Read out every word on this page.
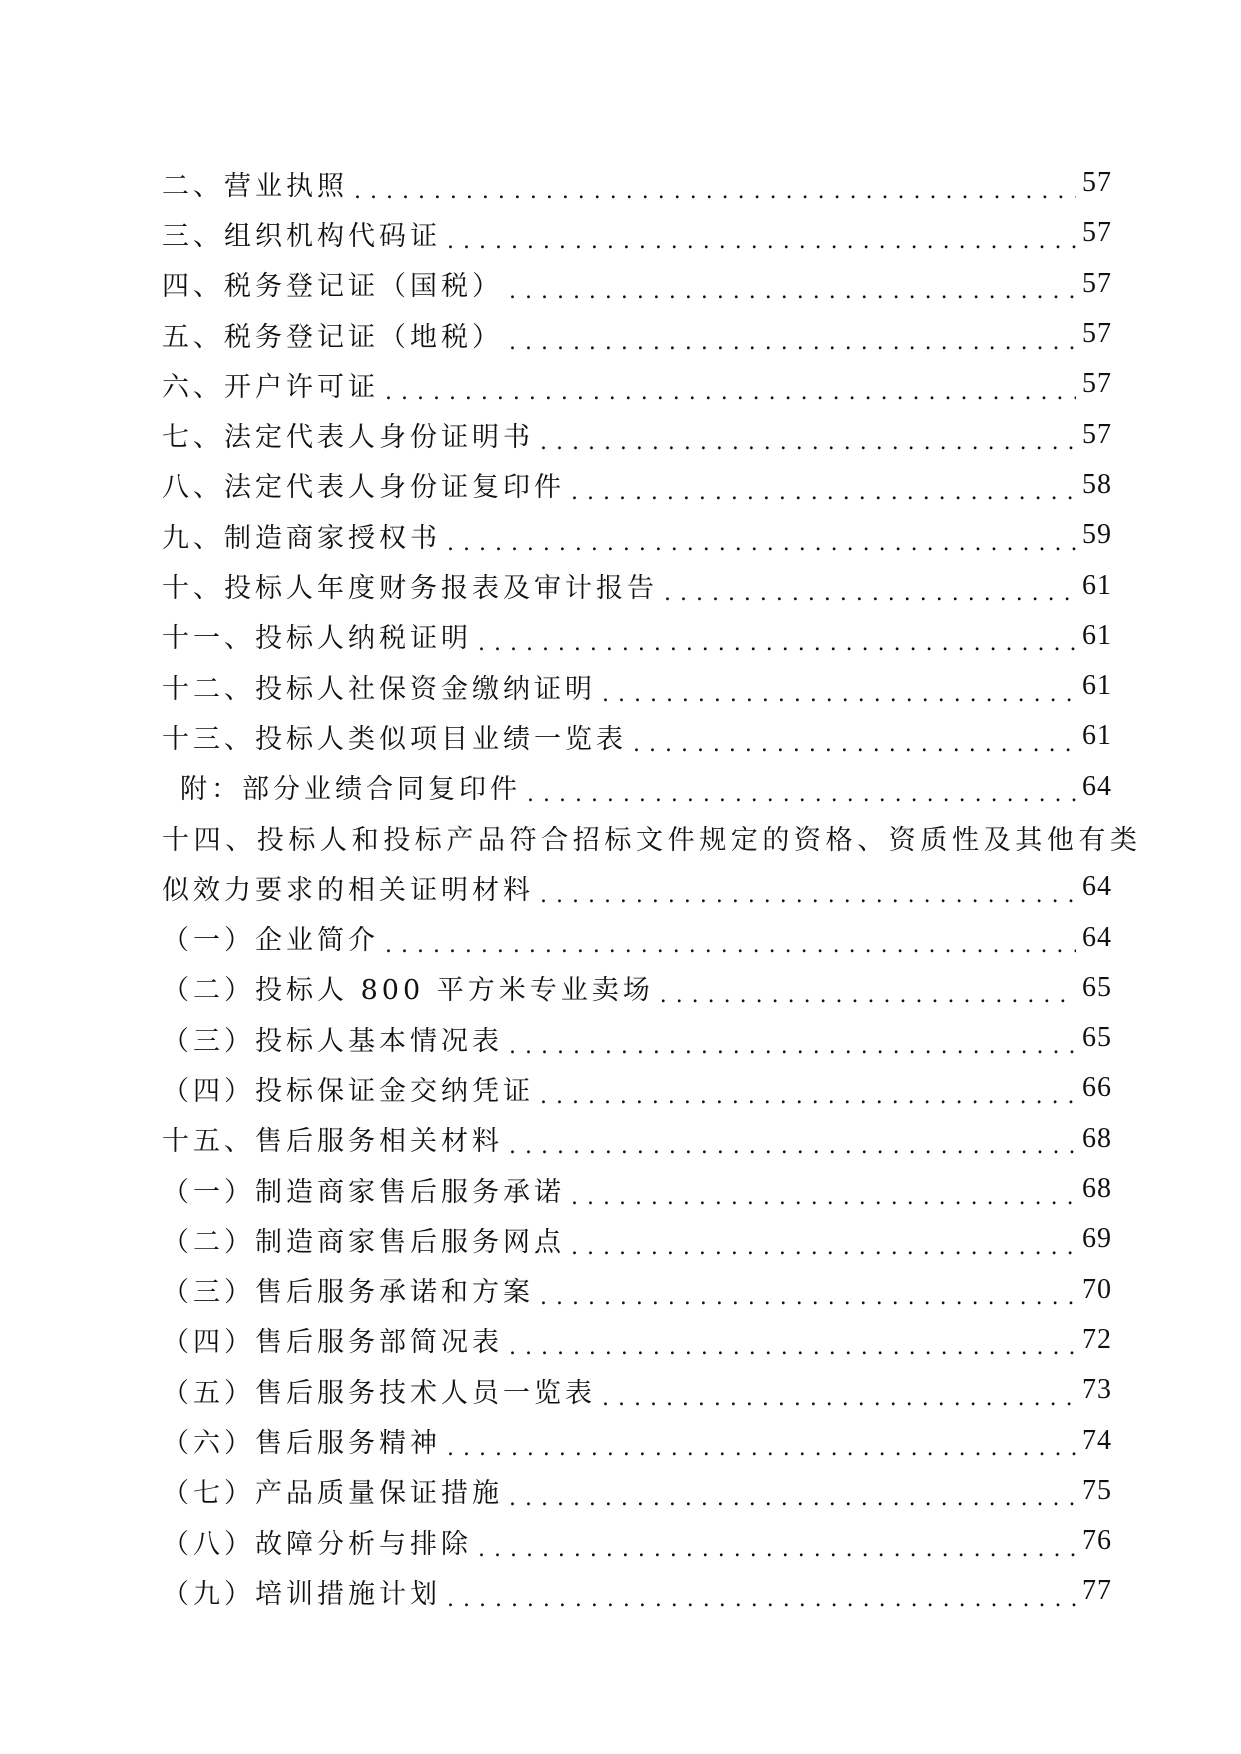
二、营业执照 . . .	57
三、组织机构代码证 . . .	57
四、税务登记证（国税） . . .	57
五、税务登记证（地税） . . .	57
六、开户许可证 . . .	57
七、法定代表人身份证明书 . . .	57
八、法定代表人身份证复印件 . . .	58
九、制造商家授权书 . . .	59
十、投标人年度财务报表及审计报告 . . .	61
十一、投标人纳税证明 . . .	61
十二、投标人社保资金缴纳证明 . . .	61
十三、投标人类似项目业绩一览表 . . .	61
附：部分业绩合同复印件 . . .	64
十四、投标人和投标产品符合招标文件规定的资格、资质性及其他有类
似效力要求的相关证明材料 . . .	64
（一）企业简介 . . .	64
（二）投标人 800 平方米专业卖场 . . .	65
（三）投标人基本情况表 . . .	65
（四）投标保证金交纳凭证 . . .	66
十五、售后服务相关材料 . . .	68
（一）制造商家售后服务承诺 . . .	68
（二）制造商家售后服务网点 . . .	69
（三）售后服务承诺和方案 . . .	70
（四）售后服务部简况表 . . .	72
（五）售后服务技术人员一览表 . . .	73
（六）售后服务精神 . . .	74
（七）产品质量保证措施 . . .	75
（八）故障分析与排除 . . .	76
（九）培训措施计划 . . .	77
